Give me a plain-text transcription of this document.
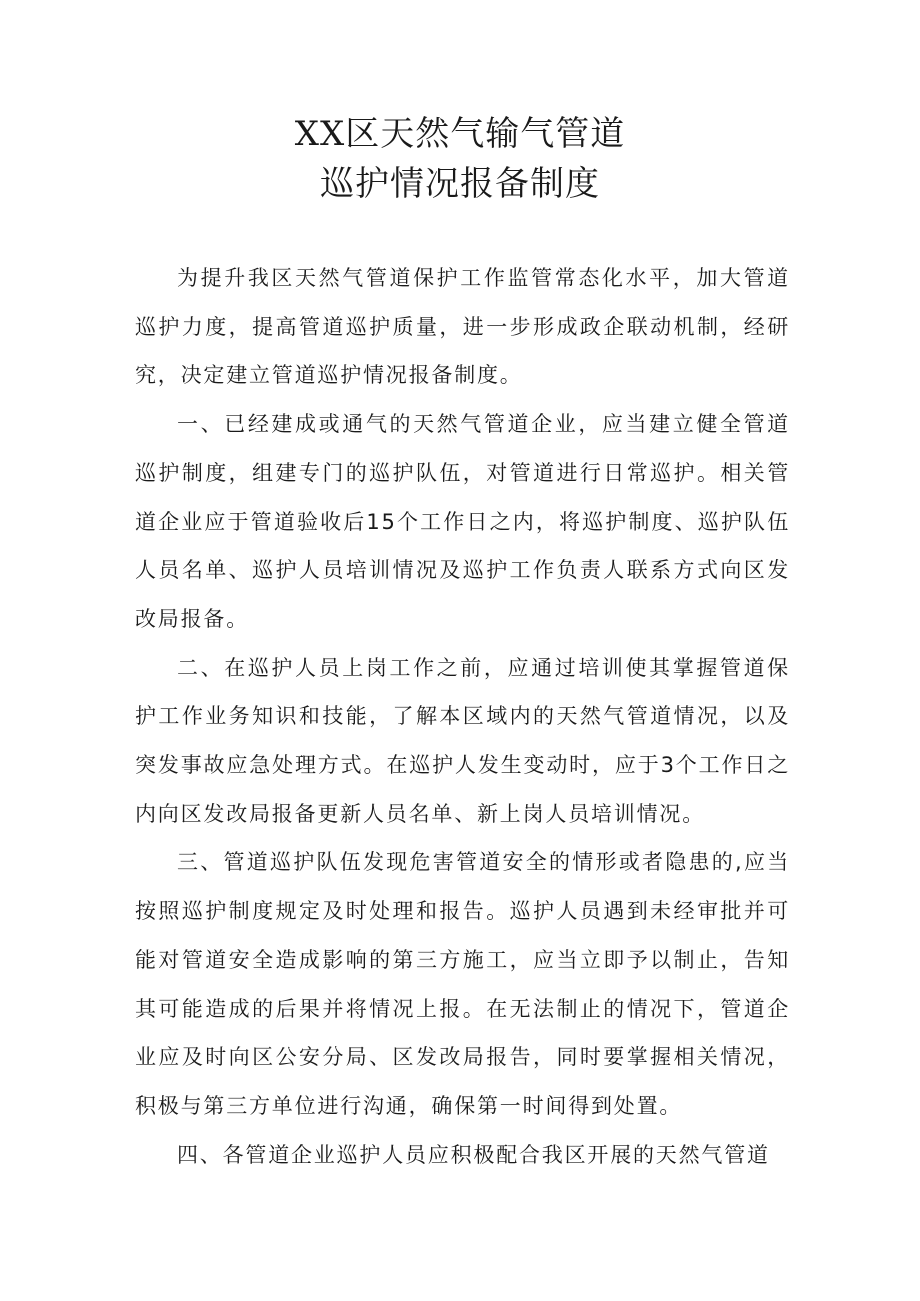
XX区天然气输气管道
巡护情况报备制度

为提升我区天然气管道保护工作监管常态化水平，加大管道巡护力度，提高管道巡护质量，进一步形成政企联动机制，经研究，决定建立管道巡护情况报备制度。

一、已经建成或通气的天然气管道企业，应当建立健全管道巡护制度，组建专门的巡护队伍，对管道进行日常巡护。相关管道企业应于管道验收后15个工作日之内，将巡护制度、巡护队伍人员名单、巡护人员培训情况及巡护工作负责人联系方式向区发改局报备。

二、在巡护人员上岗工作之前，应通过培训使其掌握管道保护工作业务知识和技能，了解本区域内的天然气管道情况，以及突发事故应急处理方式。在巡护人发生变动时，应于3个工作日之内向区发改局报备更新人员名单、新上岗人员培训情况。

三、管道巡护队伍发现危害管道安全的情形或者隐患的,应当按照巡护制度规定及时处理和报告。巡护人员遇到未经审批并可能对管道安全造成影响的第三方施工，应当立即予以制止，告知其可能造成的后果并将情况上报。在无法制止的情况下，管道企业应及时向区公安分局、区发改局报告，同时要掌握相关情况，积极与第三方单位进行沟通，确保第一时间得到处置。

四、各管道企业巡护人员应积极配合我区开展的天然气管道
